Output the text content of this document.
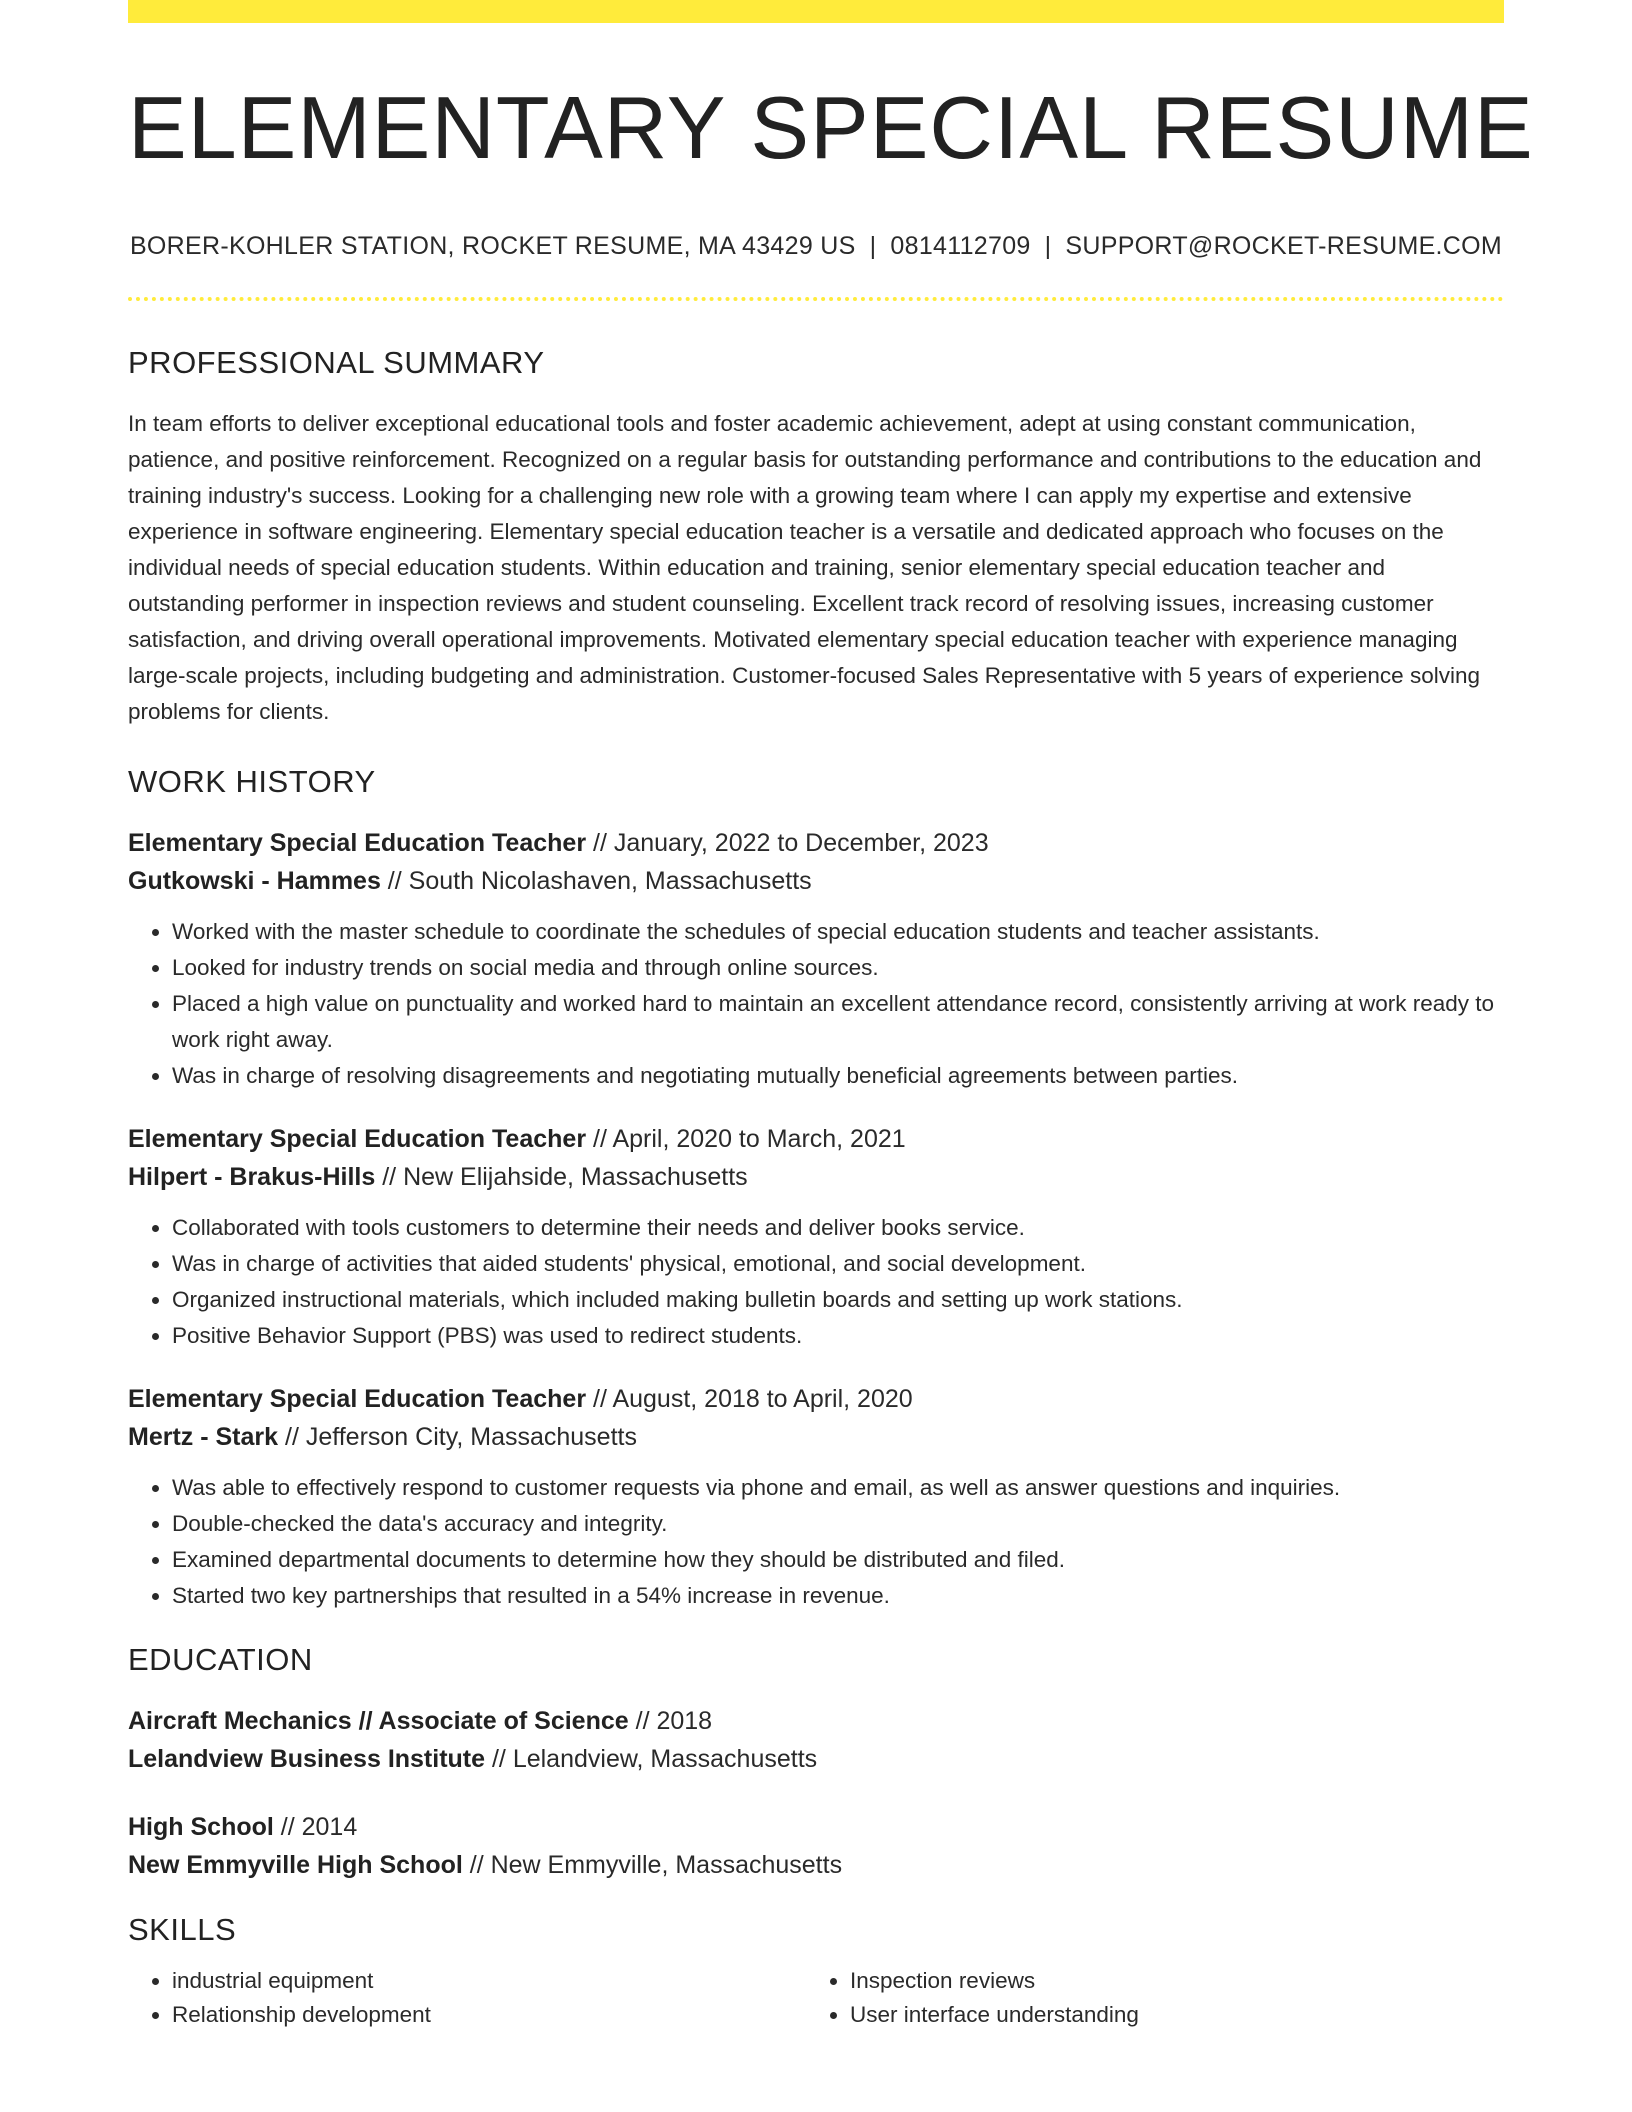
ELEMENTARY SPECIAL RESUME
BORER-KOHLER STATION, ROCKET RESUME, MA 43429 US | 0814112709 | SUPPORT@ROCKET-RESUME.COM
PROFESSIONAL SUMMARY

In team efforts to deliver exceptional educational tools and foster academic achievement, adept at using constant communication, patience, and positive reinforcement. Recognized on a regular basis for outstanding performance and contributions to the education and training industry's success. Looking for a challenging new role with a growing team where I can apply my expertise and extensive experience in software engineering. Elementary special education teacher is a versatile and dedicated approach who focuses on the individual needs of special education students. Within education and training, senior elementary special education teacher and outstanding performer in inspection reviews and student counseling. Excellent track record of resolving issues, increasing customer satisfaction, and driving overall operational improvements. Motivated elementary special education teacher with experience managing large-scale projects, including budgeting and administration. Customer-focused Sales Representative with 5 years of experience solving problems for clients.

WORK HISTORY
Elementary Special Education Teacher // January, 2022 to December, 2023
Gutkowski - Hammes // South Nicolashaven, Massachusetts
• Worked with the master schedule to coordinate the schedules of special education students and teacher assistants.
• Looked for industry trends on social media and through online sources.
• Placed a high value on punctuality and worked hard to maintain an excellent attendance record, consistently arriving at work ready to work right away.
• Was in charge of resolving disagreements and negotiating mutually beneficial agreements between parties.
Elementary Special Education Teacher // April, 2020 to March, 2021
Hilpert - Brakus-Hills // New Elijahside, Massachusetts
• Collaborated with tools customers to determine their needs and deliver books service.
• Was in charge of activities that aided students' physical, emotional, and social development.
• Organized instructional materials, which included making bulletin boards and setting up work stations.
• Positive Behavior Support (PBS) was used to redirect students.
Elementary Special Education Teacher // August, 2018 to April, 2020
Mertz - Stark // Jefferson City, Massachusetts
• Was able to effectively respond to customer requests via phone and email, as well as answer questions and inquiries.
• Double-checked the data's accuracy and integrity.
• Examined departmental documents to determine how they should be distributed and filed.
• Started two key partnerships that resulted in a 54% increase in revenue.
EDUCATION
Aircraft Mechanics // Associate of Science // 2018
Lelandview Business Institute // Lelandview, Massachusetts
High School // 2014
New Emmyville High School // New Emmyville, Massachusetts
SKILLS
• industrial equipment
• Relationship development
• Inspection reviews
• User interface understanding
